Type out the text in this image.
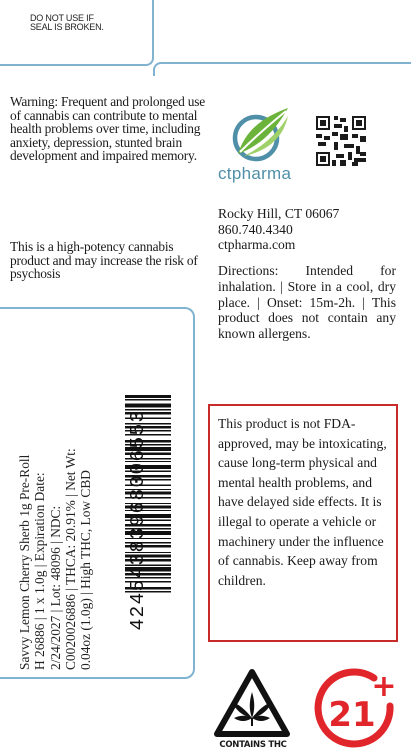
DO NOT USE IF
SEAL IS BROKEN.
Warning: Frequent and prolonged use of cannabis can contribute to mental health problems over time, including anxiety, depression, stunted brain development and impaired memory.
This is a high-potency cannabis product and may increase the risk of psychosis
ctpharma
Rocky Hill, CT 06067
860.740.4340
ctpharma.com
Directions: Intended for inhalation. | Store in a cool, dry place. | Onset: 15m-2h. | This product does not contain any known allergens.
Savvy Lemon Cherry Sherb 1g Pre-Roll H 26886 | 1 x 1.0g | Expiration Date: 2/24/2027 | Lot: 48096 | NDC: C0020026886 | THCA: 20.91% | Net Wt: 0.04oz (1.0g) | High THC, Low CBD 42454383968006553	This product is not FDA-approved, may be intoxicating, cause long-term physical and mental health problems, and have delayed side effects. It is illegal to operate a vehicle or machinery under the influence of cannabis. Keep away from children.
CONTAINS THC
21
+
